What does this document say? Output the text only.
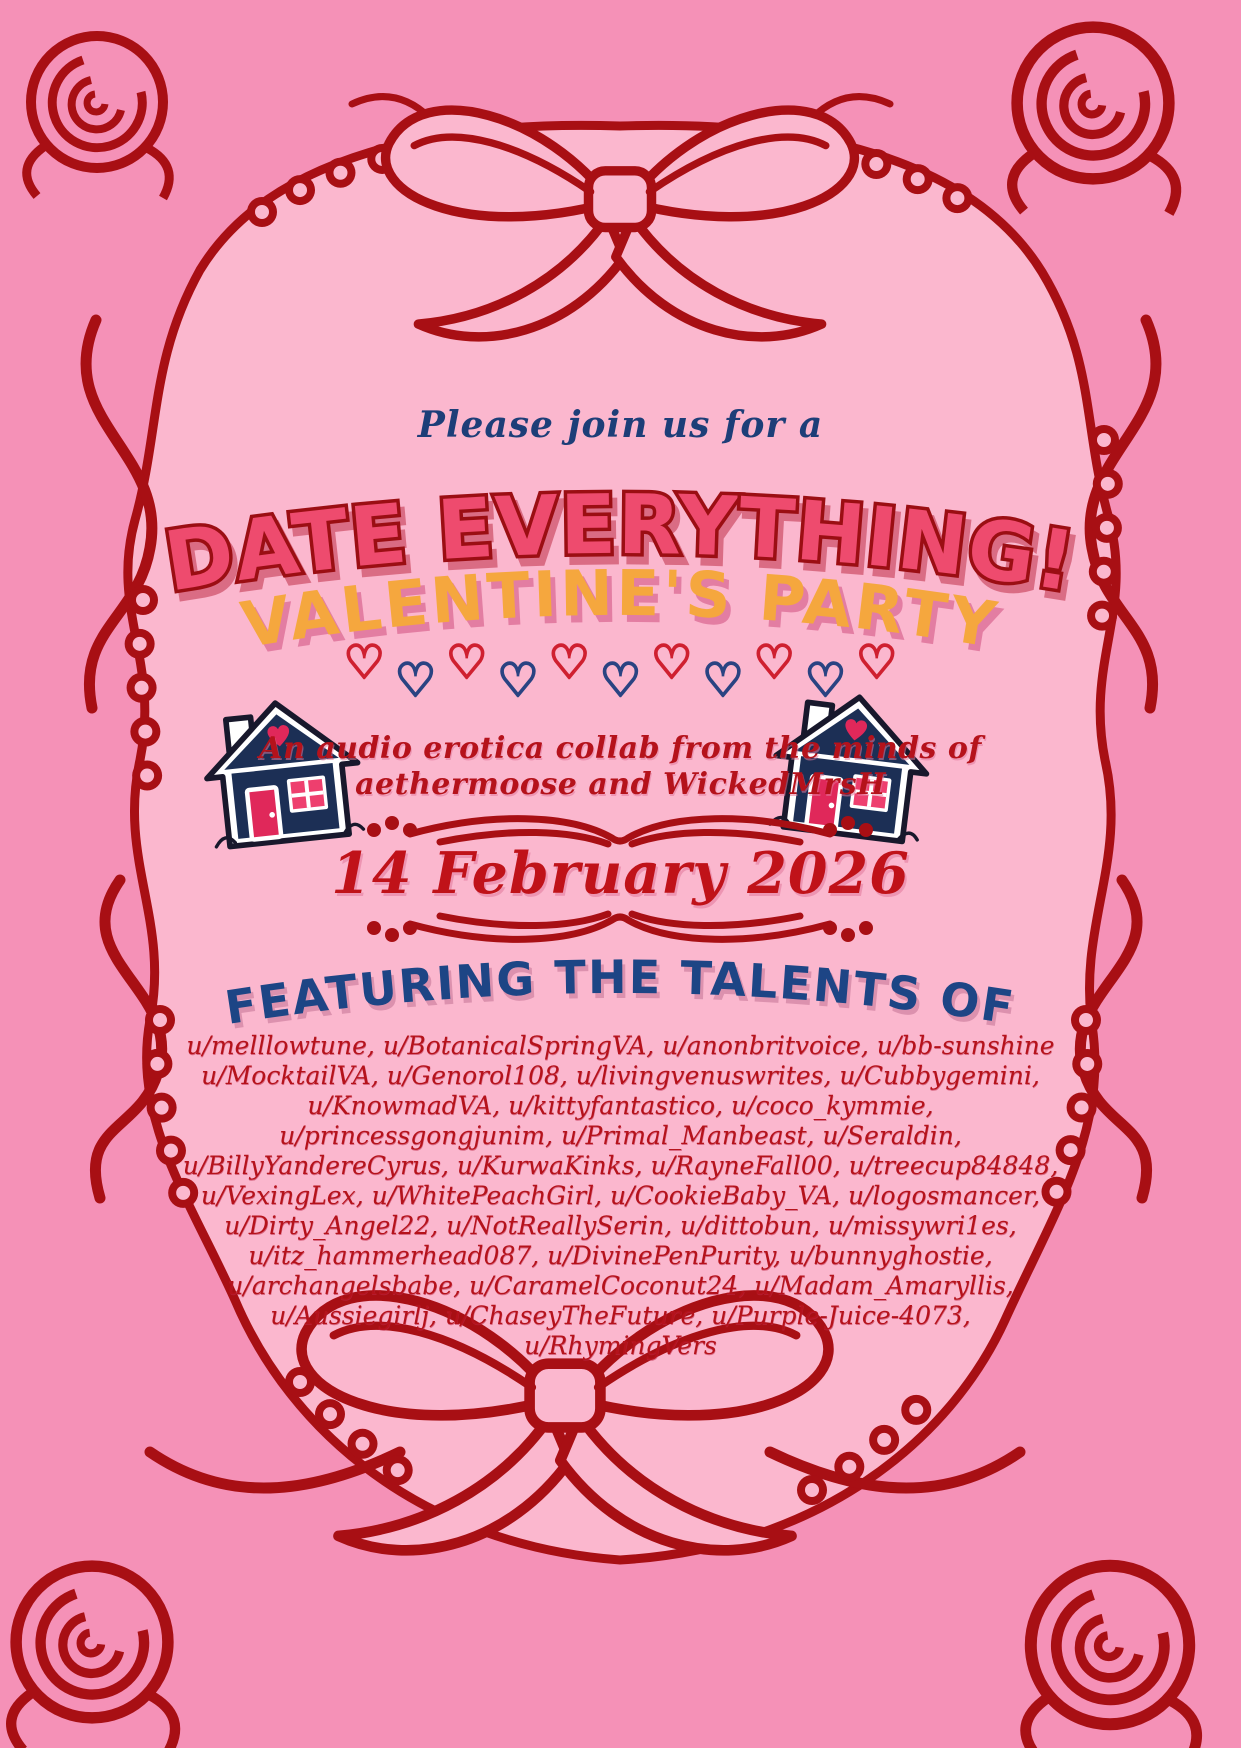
Please join us for a
DATE EVERYTHING!
VALENTINE'S PARTY
♡ ♡ ♡ ♡ ♡ ♡ ♡ ♡ ♡ ♡ ♡
An audio erotica collab from the minds of
aethermoose and WickedMrsH
14 February 2026
FEATURING THE TALENTS OF
u/melllowtune, u/BotanicalSpringVA, u/anonbritvoice, u/bb-sunshine
u/MocktailVA, u/Genorol108, u/livingvenuswrites, u/Cubbygemini,
u/KnowmadVA, u/kittyfantastico, u/coco_kymmie,
u/princessgongjunim, u/Primal_Manbeast, u/Seraldin,
u/BillyYandereCyrus, u/KurwaKinks, u/RayneFall00, u/treecup84848,
u/VexingLex, u/WhitePeachGirl, u/CookieBaby_VA, u/logosmancer,
u/Dirty_Angel22, u/NotReallySerin, u/dittobun, u/missywri1es,
u/itz_hammerhead087, u/DivinePenPurity, u/bunnyghostie,
u/archangelsbabe, u/CaramelCoconut24, u/Madam_Amaryllis,
u/Aussiegirlj, u/ChaseyTheFuture, u/Purple-Juice-4073,
u/RhymingVers
